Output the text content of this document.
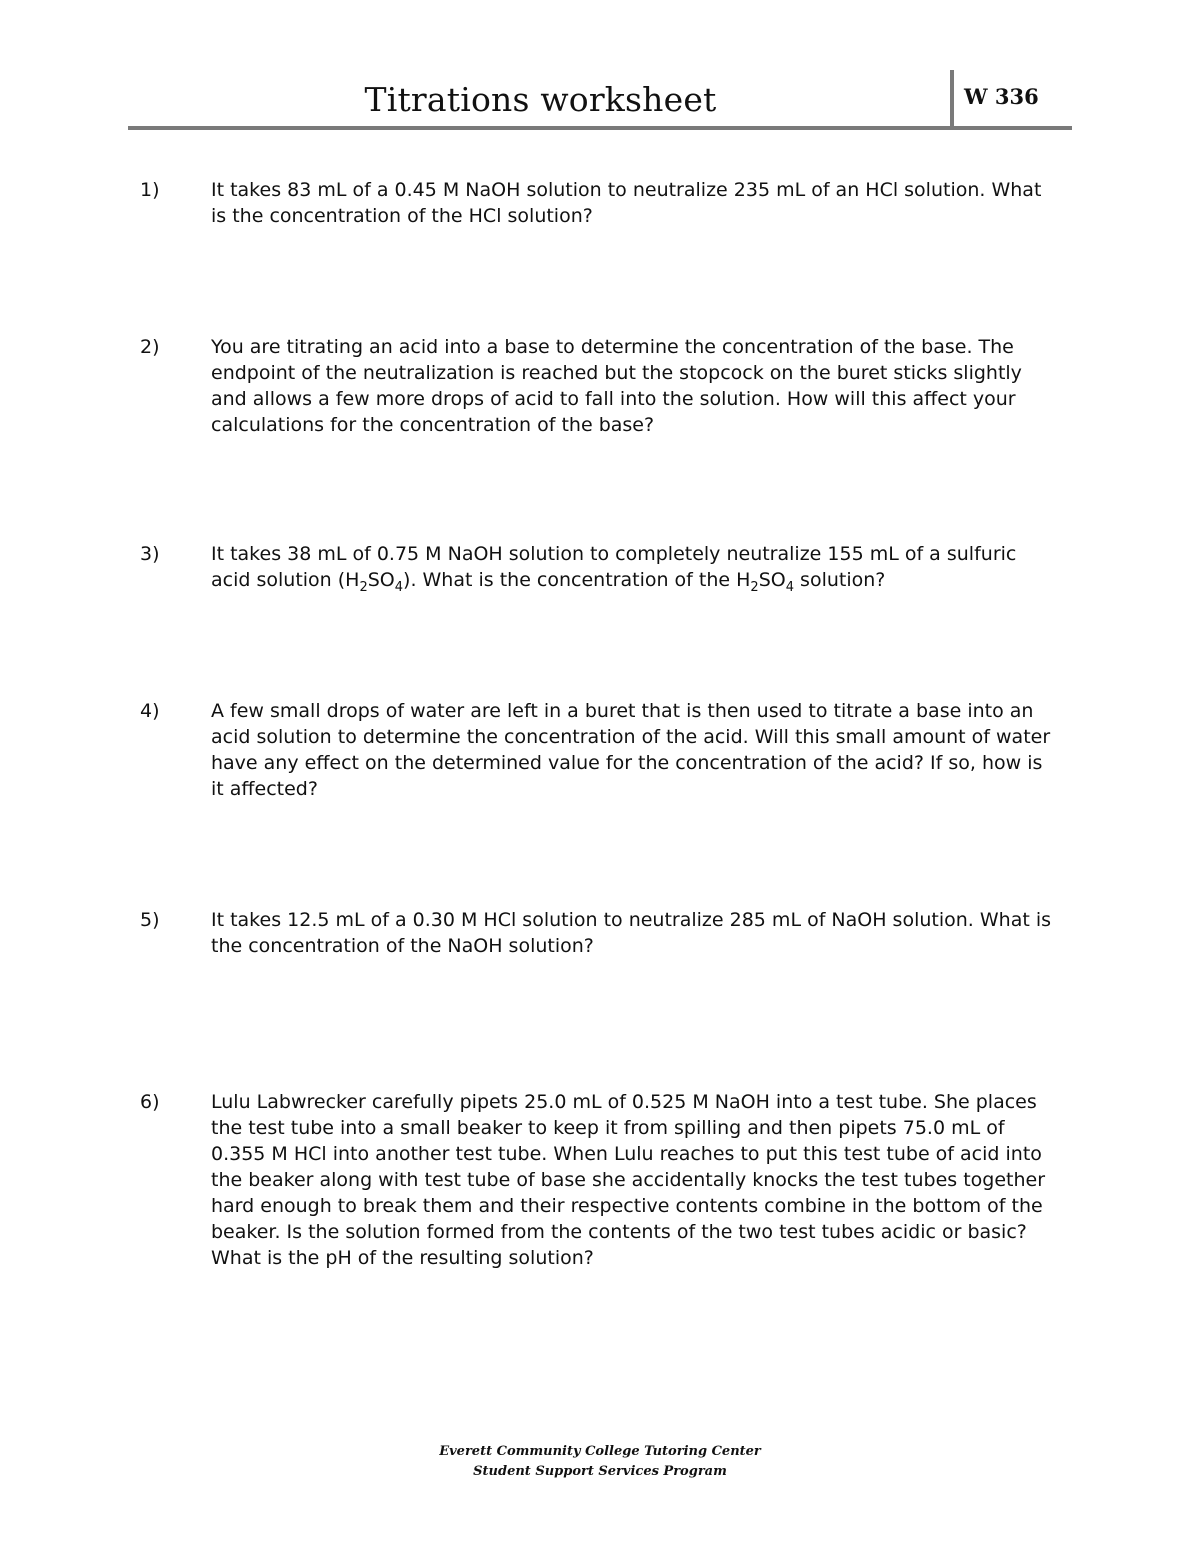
Titrations worksheet	W 336
1)	It takes 83 mL of a 0.45 M NaOH solution to neutralize 235 mL of an HCl solution. What is the concentration of the HCl solution?
2)	You are titrating an acid into a base to determine the concentration of the base. The endpoint of the neutralization is reached but the stopcock on the buret sticks slightly and allows a few more drops of acid to fall into the solution. How will this affect your calculations for the concentration of the base?
3)	It takes 38 mL of 0.75 M NaOH solution to completely neutralize 155 mL of a sulfuric acid solution $(H_2SO_4)$. What is the concentration of the $H_2SO_4$ solution?
4)	A few small drops of water are left in a buret that is then used to titrate a base into an acid solution to determine the concentration of the acid. Will this small amount of water have any effect on the determined value for the concentration of the acid? If so, how is it affected?
5)	It takes 12.5 mL of a 0.30 M HCl solution to neutralize 285 mL of NaOH solution. What is the concentration of the NaOH solution?
6)	Lulu Labwrecker carefully pipets 25.0 mL of 0.525 M NaOH into a test tube. She places the test tube into a small beaker to keep it from spilling and then pipets 75.0 mL of 0.355 M HCl into another test tube. When Lulu reaches to put this test tube of acid into the beaker along with test tube of base she accidentally knocks the test tubes together hard enough to break them and their respective contents combine in the bottom of the beaker. Is the solution formed from the contents of the two test tubes acidic or basic? What is the pH of the resulting solution?
Everett Community College Tutoring Center
Student Support Services Program
